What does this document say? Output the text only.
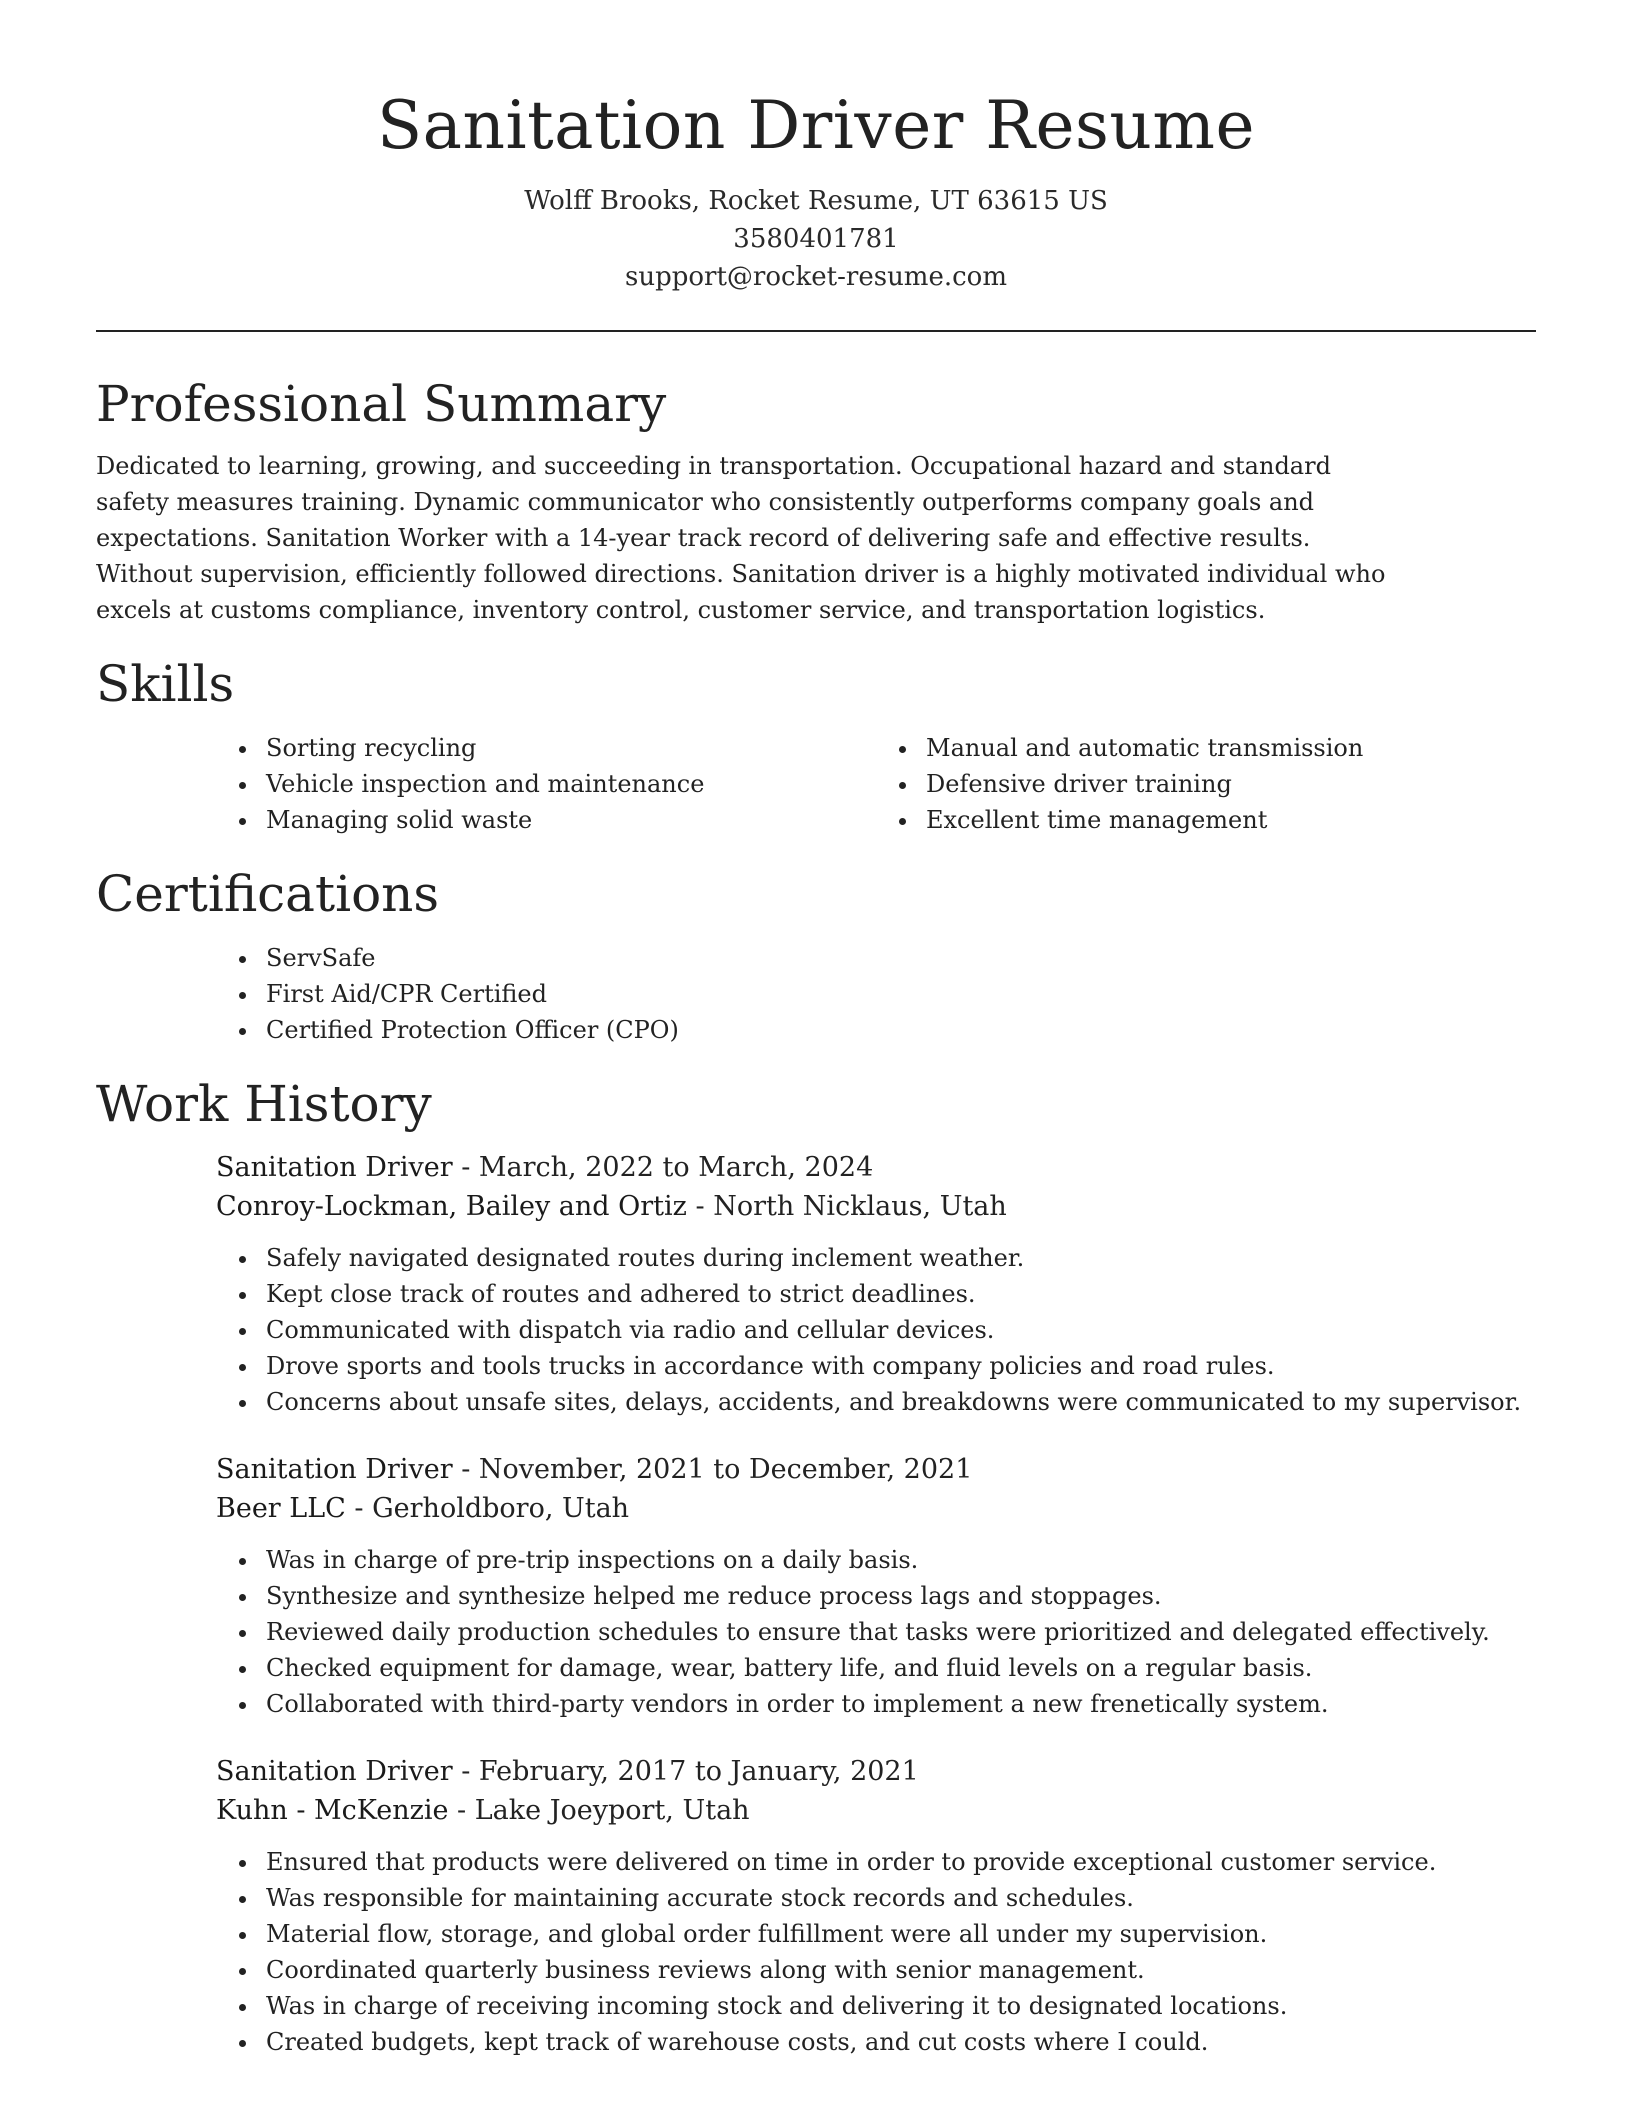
Sanitation Driver Resume
Wolff Brooks, Rocket Resume, UT 63615 US
3580401781
support@rocket-resume.com
Professional Summary

Dedicated to learning, growing, and succeeding in transportation. Occupational hazard and standard safety measures training. Dynamic communicator who consistently outperforms company goals and expectations. Sanitation Worker with a 14-year track record of delivering safe and effective results. Without supervision, efficiently followed directions. Sanitation driver is a highly motivated individual who excels at customs compliance, inventory control, customer service, and transportation logistics.

Skills
• Sorting recycling
• Vehicle inspection and maintenance
• Managing solid waste
• Manual and automatic transmission
• Defensive driver training
• Excellent time management
Certifications
• ServSafe
• First Aid/CPR Certified
• Certified Protection Officer (CPO)
Work History
Sanitation Driver - March, 2022 to March, 2024
Conroy-Lockman, Bailey and Ortiz - North Nicklaus, Utah
• Safely navigated designated routes during inclement weather.
• Kept close track of routes and adhered to strict deadlines.
• Communicated with dispatch via radio and cellular devices.
• Drove sports and tools trucks in accordance with company policies and road rules.
• Concerns about unsafe sites, delays, accidents, and breakdowns were communicated to my supervisor.
Sanitation Driver - November, 2021 to December, 2021
Beer LLC - Gerholdboro, Utah
• Was in charge of pre-trip inspections on a daily basis.
• Synthesize and synthesize helped me reduce process lags and stoppages.
• Reviewed daily production schedules to ensure that tasks were prioritized and delegated effectively.
• Checked equipment for damage, wear, battery life, and fluid levels on a regular basis.
• Collaborated with third-party vendors in order to implement a new frenetically system.
Sanitation Driver - February, 2017 to January, 2021
Kuhn - McKenzie - Lake Joeyport, Utah
• Ensured that products were delivered on time in order to provide exceptional customer service.
• Was responsible for maintaining accurate stock records and schedules.
• Material flow, storage, and global order fulfillment were all under my supervision.
• Coordinated quarterly business reviews along with senior management.
• Was in charge of receiving incoming stock and delivering it to designated locations.
• Created budgets, kept track of warehouse costs, and cut costs where I could.
